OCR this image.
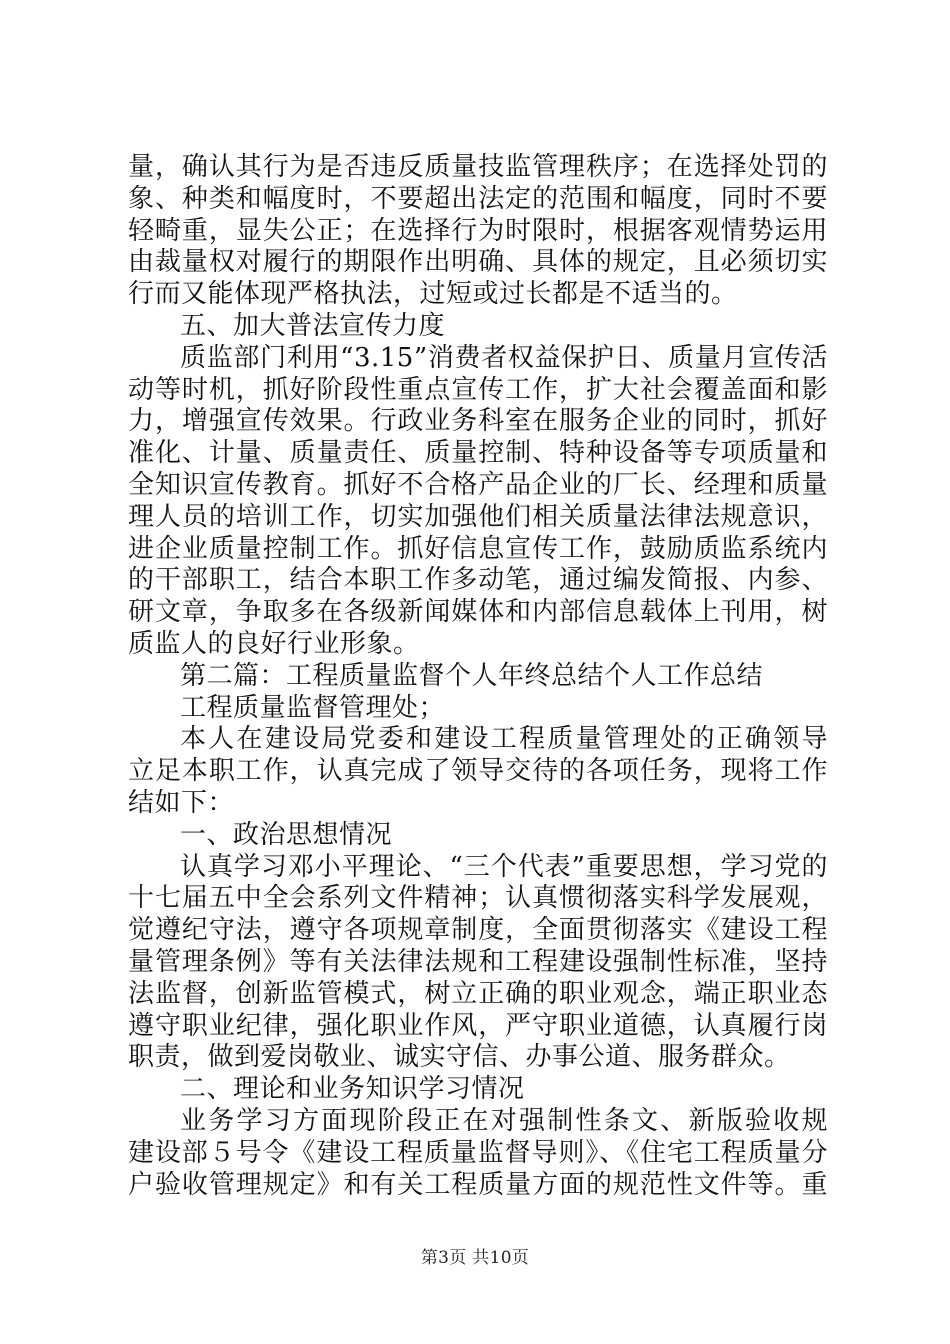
量，确认其行为是否违反质量技监管理秩序；在选择处罚的
象、种类和幅度时，不要超出法定的范围和幅度，同时不要
轻畸重，显失公正；在选择行为时限时，根据客观情势运用
由裁量权对履行的期限作出明确、具体的规定，且必须切实
行而又能体现严格执法，过短或过长都是不适当的。
五、加大普法宣传力度
质监部门利用“3.15”消费者权益保护日、质量月宣传活
动等时机，抓好阶段性重点宣传工作，扩大社会覆盖面和影
力，增强宣传效果。行政业务科室在服务企业的同时，抓好
准化、计量、质量责任、质量控制、特种设备等专项质量和
全知识宣传教育。抓好不合格产品企业的厂长、经理和质量
理人员的培训工作，切实加强他们相关质量法律法规意识，
进企业质量控制工作。抓好信息宣传工作，鼓励质监系统内
的干部职工，结合本职工作多动笔，通过编发简报、内参、
研文章，争取多在各级新闻媒体和内部信息载体上刊用，树
质监人的良好行业形象。
第二篇：工程质量监督个人年终总结个人工作总结
工程质量监督管理处；
本人在建设局党委和建设工程质量管理处的正确领导
立足本职工作，认真完成了领导交待的各项任务，现将工作
结如下：
一、政治思想情况
认真学习邓小平理论、“三个代表”重要思想，学习党的
十七届五中全会系列文件精神；认真惯彻落实科学发展观，
觉遵纪守法，遵守各项规章制度，全面贯彻落实《建设工程
量管理条例》等有关法律法规和工程建设强制性标准，坚持
法监督，创新监管模式，树立正确的职业观念，端正职业态
遵守职业纪律，强化职业作风，严守职业道德，认真履行岗
职责，做到爱岗敬业、诚实守信、办事公道、服务群众。
二、理论和业务知识学习情况
业务学习方面现阶段正在对强制性条文、新版验收规
建设部５号令《建设工程质量监督导则》、《住宅工程质量分
户验收管理规定》和有关工程质量方面的规范性文件等。重
第3页 共10页
